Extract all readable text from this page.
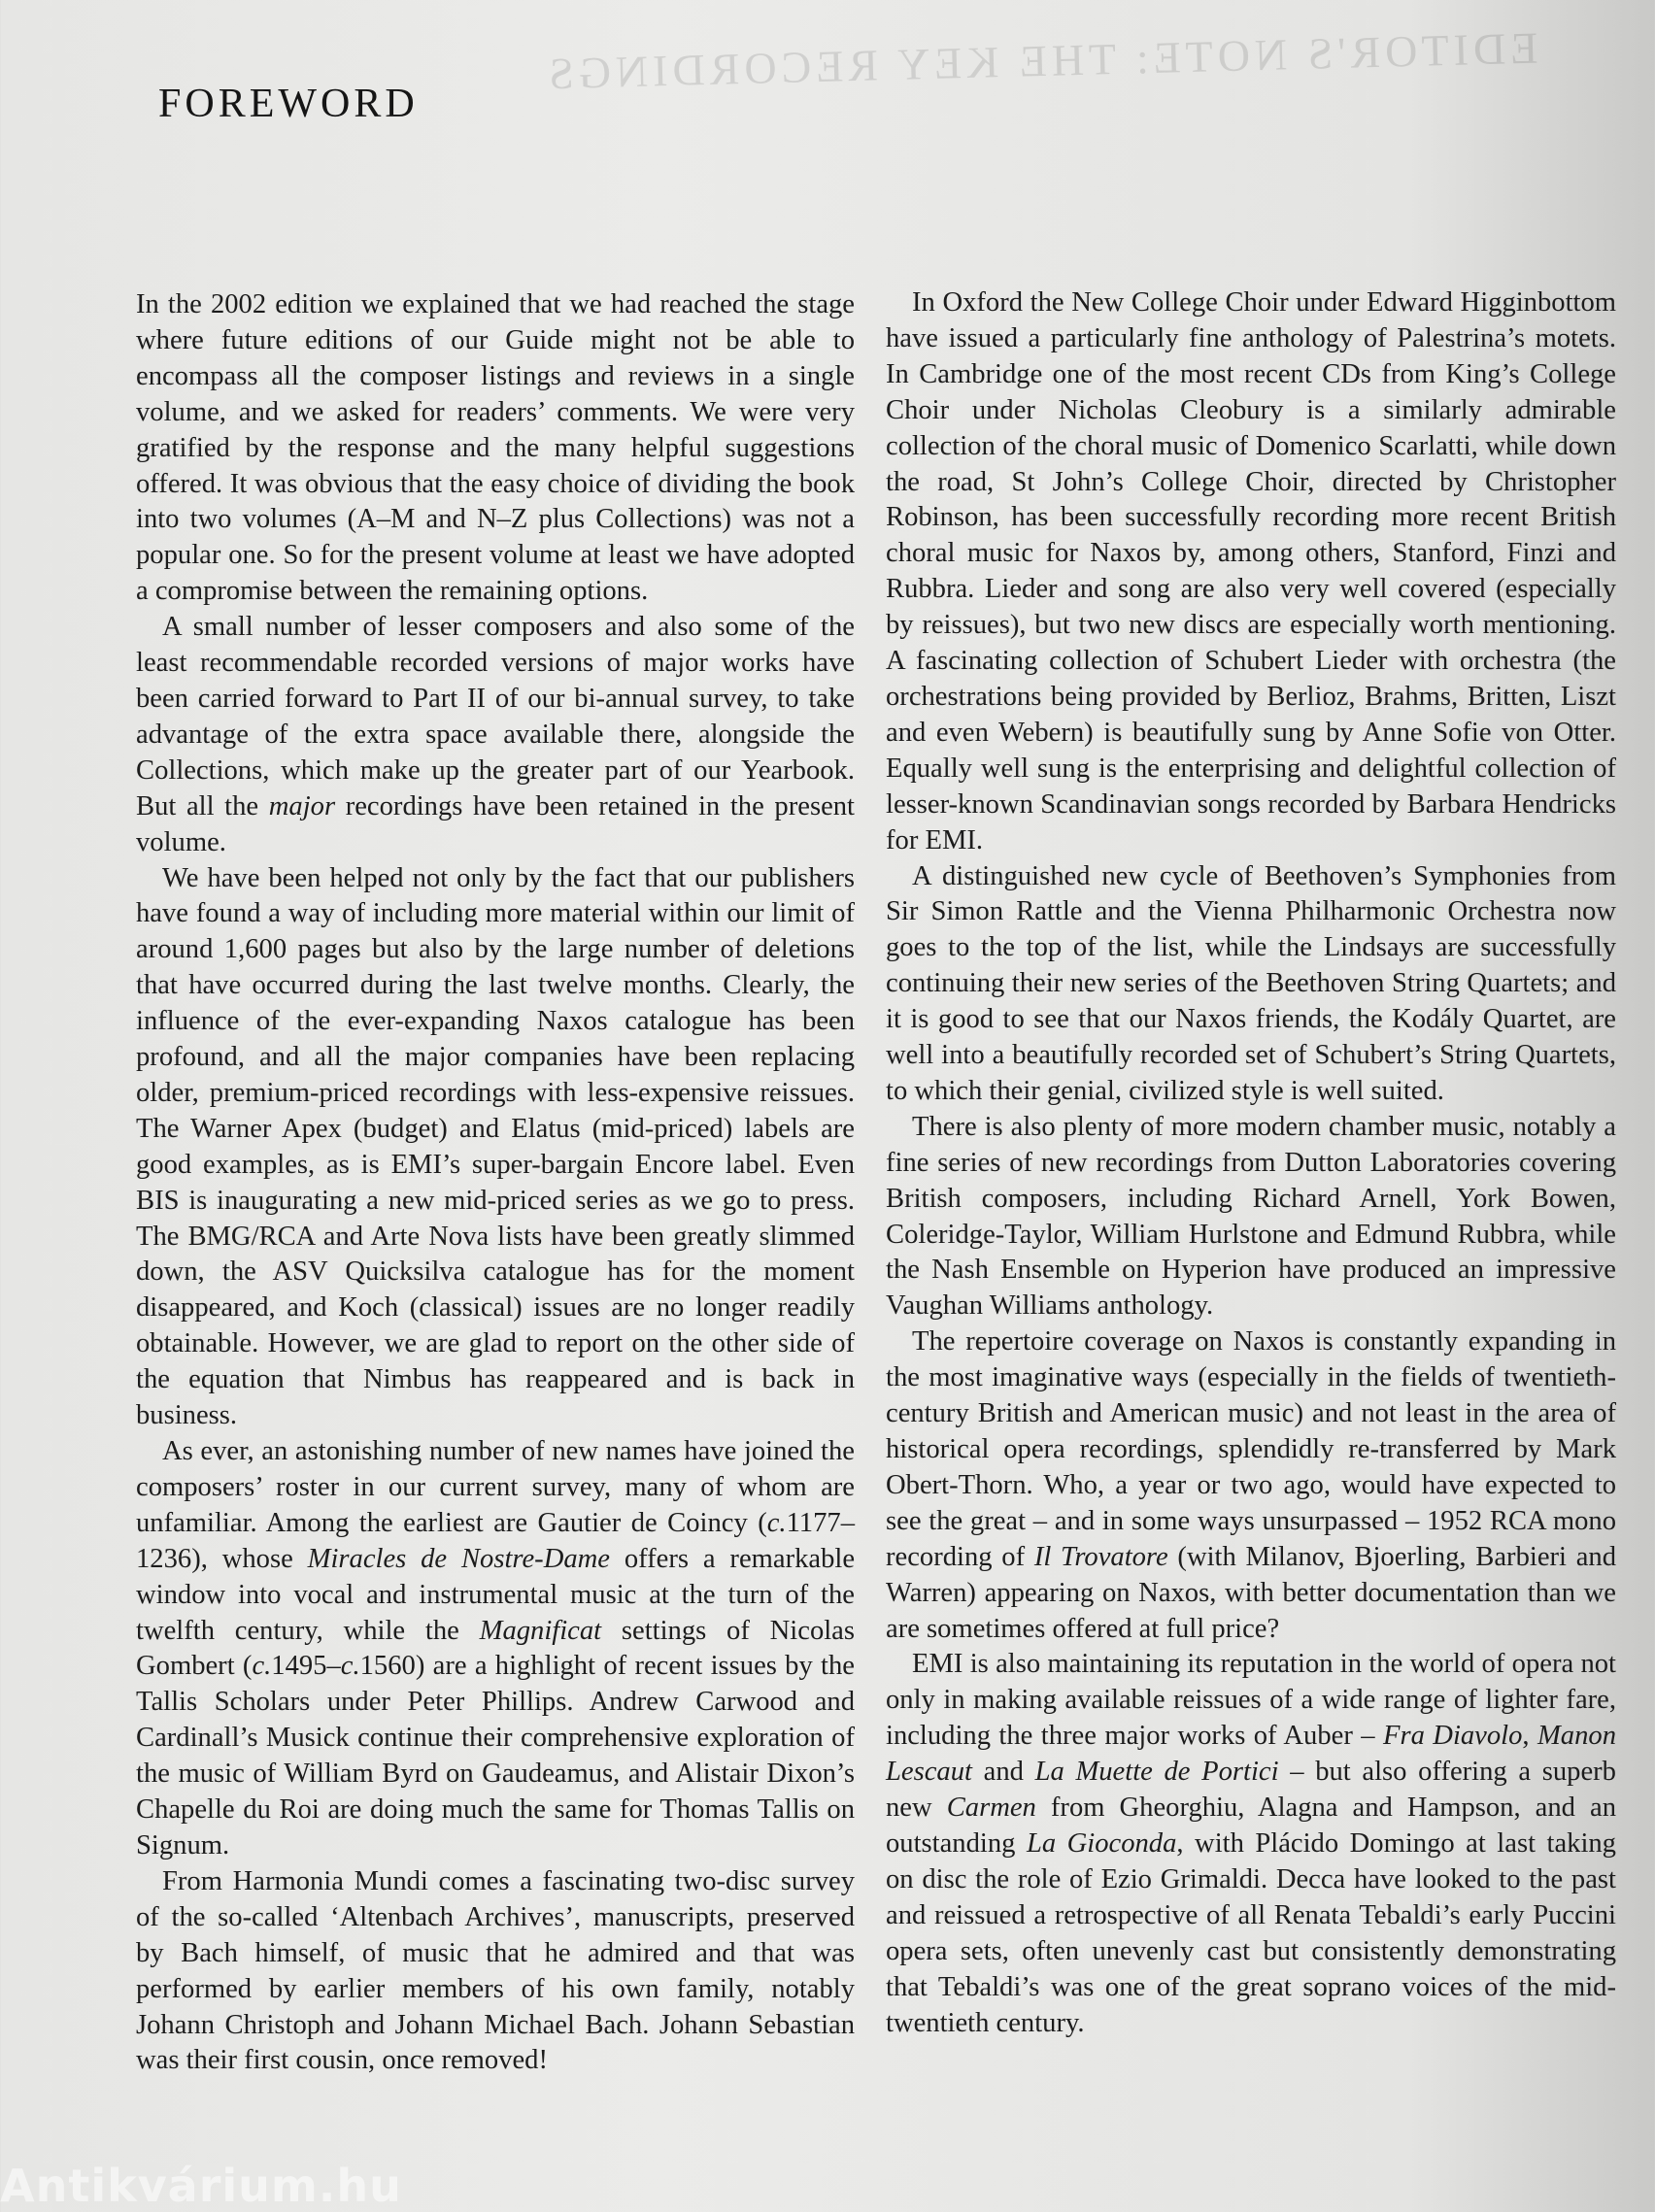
EDITOR'S NOTE: THE KEY RECORDINGS
FOREWORD

In the 2002 edition we explained that we had reached the stage where future editions of our Guide might not be able to encompass all the composer listings and reviews in a single volume, and we asked for readers’ comments. We were very gratified by the response and the many helpful suggestions offered. It was obvious that the easy choice of dividing the book into two volumes (A–M and N–Z plus Collections) was not a popular one. So for the present volume at least we have adopted a compromise between the remaining options.

A small number of lesser composers and also some of the least recommendable recorded versions of major works have been carried forward to Part II of our bi-annual survey, to take advantage of the extra space available there, alongside the Collections, which make up the greater part of our Yearbook. But all the major recordings have been retained in the present volume.

We have been helped not only by the fact that our publishers have found a way of including more material within our limit of around 1,600 pages but also by the large number of deletions that have occurred during the last twelve months. Clearly, the influence of the ever-expanding Naxos catalogue has been profound, and all the major companies have been replacing older, premium-priced recordings with less-expensive reissues. The Warner Apex (budget) and Elatus (mid-priced) labels are good examples, as is EMI’s super-bargain Encore label. Even BIS is inaugurating a new mid-priced series as we go to press. The BMG/RCA and Arte Nova lists have been greatly slimmed down, the ASV Quicksilva catalogue has for the moment disappeared, and Koch (classical) issues are no longer readily obtainable. However, we are glad to report on the other side of the equation that Nimbus has reappeared and is back in business.

As ever, an astonishing number of new names have joined the composers’ roster in our current survey, many of whom are unfamiliar. Among the earliest are Gautier de Coincy (c.1177–1236), whose Miracles de Nostre-Dame offers a remarkable window into vocal and instrumental music at the turn of the twelfth century, while the Magnificat settings of Nicolas Gombert (c.1495–c.1560) are a highlight of recent issues by the Tallis Scholars under Peter Phillips. Andrew Carwood and Cardinall’s Musick continue their comprehensive exploration of the music of William Byrd on Gaudeamus, and Alistair Dixon’s Chapelle du Roi are doing much the same for Thomas Tallis on Signum.

From Harmonia Mundi comes a fascinating two-disc survey of the so-called ‘Altenbach Archives’, manuscripts, preserved by Bach himself, of music that he admired and that was performed by earlier members of his own family, notably Johann Christoph and Johann Michael Bach. Johann Sebastian was their first cousin, once removed!

In Oxford the New College Choir under Edward Higginbottom have issued a particularly fine anthology of Palestrina’s motets. In Cambridge one of the most recent CDs from King’s College Choir under Nicholas Cleobury is a similarly admirable collection of the choral music of Domenico Scarlatti, while down the road, St John’s College Choir, directed by Christopher Robinson, has been successfully recording more recent British choral music for Naxos by, among others, Stanford, Finzi and Rubbra. Lieder and song are also very well covered (especially by reissues), but two new discs are especially worth mentioning. A fascinating collection of Schubert Lieder with orchestra (the orchestrations being provided by Berlioz, Brahms, Britten, Liszt and even Webern) is beautifully sung by Anne Sofie von Otter. Equally well sung is the enterprising and delightful collection of lesser-known Scandinavian songs recorded by Barbara Hendricks for EMI.

A distinguished new cycle of Beethoven’s Symphonies from Sir Simon Rattle and the Vienna Philharmonic Orchestra now goes to the top of the list, while the Lindsays are successfully continuing their new series of the Beethoven String Quartets; and it is good to see that our Naxos friends, the Kodály Quartet, are well into a beautifully recorded set of Schubert’s String Quartets, to which their genial, civilized style is well suited.

There is also plenty of more modern chamber music, notably a fine series of new recordings from Dutton Laboratories covering British composers, including Richard Arnell, York Bowen, Coleridge-Taylor, William Hurlstone and Edmund Rubbra, while the Nash Ensemble on Hyperion have produced an impressive Vaughan Williams anthology.

The repertoire coverage on Naxos is constantly expanding in the most imaginative ways (especially in the fields of twentieth-century British and American music) and not least in the area of historical opera recordings, splendidly re-transferred by Mark Obert-Thorn. Who, a year or two ago, would have expected to see the great – and in some ways unsurpassed – 1952 RCA mono recording of Il Trovatore (with Milanov, Bjoerling, Barbieri and Warren) appearing on Naxos, with better documentation than we are sometimes offered at full price?

EMI is also maintaining its reputation in the world of opera not only in making available reissues of a wide range of lighter fare, including the three major works of Auber – Fra Diavolo, Manon Lescaut and La Muette de Portici – but also offering a superb new Carmen from Gheorghiu, Alagna and Hampson, and an outstanding La Gioconda, with Plácido Domingo at last taking on disc the role of Ezio Grimaldi. Decca have looked to the past and reissued a retrospective of all Renata Tebaldi’s early Puccini opera sets, often unevenly cast but consistently demonstrating that Tebaldi’s was one of the great soprano voices of the mid-twentieth century.

Antikvárium.hu
